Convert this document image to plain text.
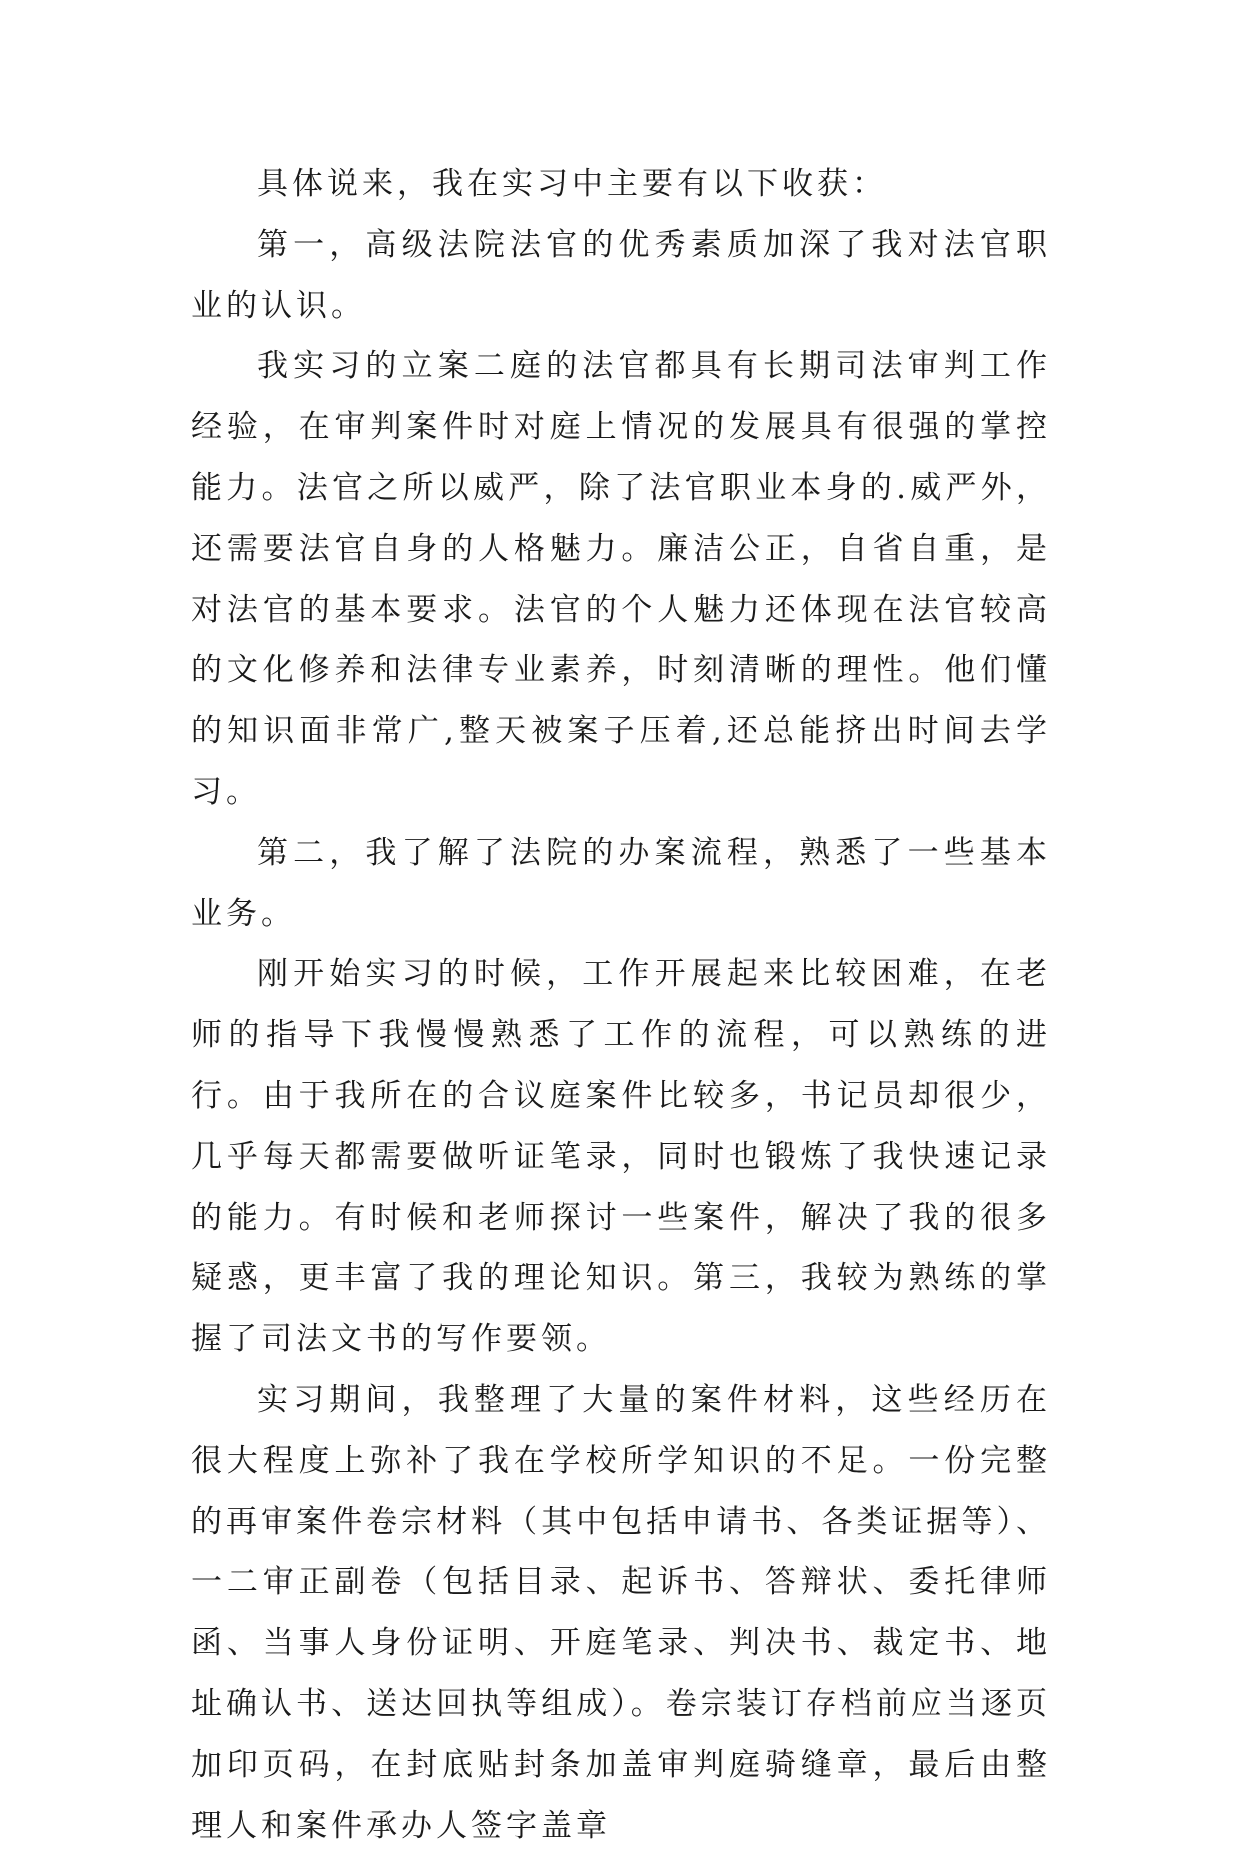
具体说来，我在实习中主要有以下收获：

第一，高级法院法官的优秀素质加深了我对法官职业的认识。

我实习的立案二庭的法官都具有长期司法审判工作经验，在审判案件时对庭上情况的发展具有很强的掌控能力。法官之所以威严，除了法官职业本身的.威严外，还需要法官自身的人格魅力。廉洁公正，自省自重，是对法官的基本要求。法官的个人魅力还体现在法官较高的文化修养和法律专业素养，时刻清晰的理性。他们懂的知识面非常广,整天被案子压着,还总能挤出时间去学习。

第二，我了解了法院的办案流程，熟悉了一些基本业务。

刚开始实习的时候，工作开展起来比较困难，在老师的指导下我慢慢熟悉了工作的流程，可以熟练的进行。由于我所在的合议庭案件比较多，书记员却很少，几乎每天都需要做听证笔录，同时也锻炼了我快速记录的能力。有时候和老师探讨一些案件，解决了我的很多疑惑，更丰富了我的理论知识。第三，我较为熟练的掌握了司法文书的写作要领。

实习期间，我整理了大量的案件材料，这些经历在很大程度上弥补了我在学校所学知识的不足。一份完整的再审案件卷宗材料（其中包括申请书、各类证据等）、一二审正副卷（包括目录、起诉书、答辩状、委托律师函、当事人身份证明、开庭笔录、判决书、裁定书、地址确认书、送达回执等组成）。卷宗装订存档前应当逐页加印页码，在封底贴封条加盖审判庭骑缝章，最后由整理人和案件承办人签字盖章
